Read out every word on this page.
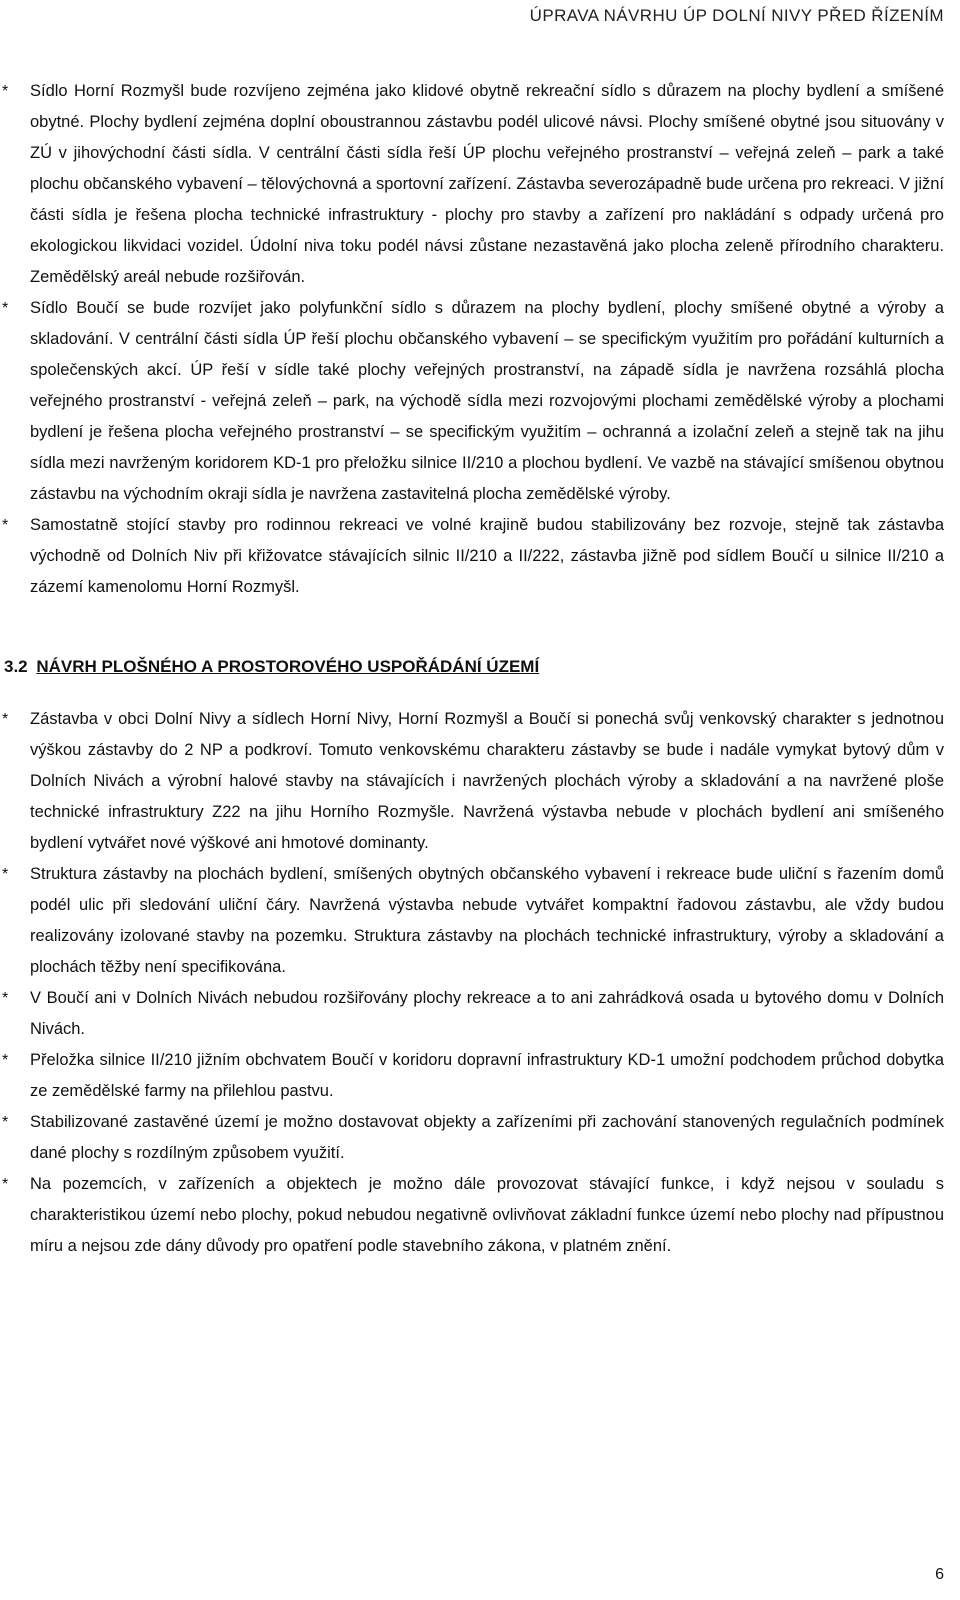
ÚPRAVA NÁVRHU ÚP DOLNÍ NIVY PŘED ŘÍZENÍM
* Sídlo Horní Rozmyšl bude rozvíjeno zejména jako klidové obytně rekreační sídlo s důrazem na plochy bydlení a smíšené obytné. Plochy bydlení zejména doplní oboustrannou zástavbu podél ulicové návsi. Plochy smíšené obytné jsou situovány v ZÚ v jihovýchodní části sídla. V centrální části sídla řeší ÚP plochu veřejného prostranství – veřejná zeleň – park a také plochu občanského vybavení – tělovýchovná a sportovní zařízení. Zástavba severozápadně bude určena pro rekreaci. V jižní části sídla je řešena plocha technické infrastruktury - plochy pro stavby a zařízení pro nakládání s odpady určená pro ekologickou likvidaci vozidel. Údolní niva toku podél návsi zůstane nezastavěná jako plocha zeleně přírodního charakteru. Zemědělský areál nebude rozšiřován.
* Sídlo Boučí se bude rozvíjet jako polyfunkční sídlo s důrazem na plochy bydlení, plochy smíšené obytné a výroby a skladování. V centrální části sídla ÚP řeší plochu občanského vybavení – se specifickým využitím pro pořádání kulturních a společenských akcí. ÚP řeší v sídle také plochy veřejných prostranství, na západě sídla je navržena rozsáhlá plocha veřejného prostranství - veřejná zeleň – park, na východě sídla mezi rozvojovými plochami zemědělské výroby a plochami bydlení je řešena plocha veřejného prostranství – se specifickým využitím – ochranná a izolační zeleň a stejně tak na jihu sídla mezi navrženým koridorem KD-1 pro přeložku silnice II/210 a plochou bydlení. Ve vazbě na stávající smíšenou obytnou zástavbu na východním okraji sídla je navržena zastavitelná plocha zemědělské výroby.
* Samostatně stojící stavby pro rodinnou rekreaci ve volné krajině budou stabilizovány bez rozvoje, stejně tak zástavba východně od Dolních Niv při křižovatce stávajících silnic II/210 a II/222, zástavba jižně pod sídlem Boučí u silnice II/210 a zázemí kamenolomu Horní Rozmyšl.
3.2 NÁVRH PLOŠNÉHO A PROSTOROVÉHO USPOŘÁDÁNÍ ÚZEMÍ
* Zástavba v obci Dolní Nivy a sídlech Horní Nivy, Horní Rozmyšl a Boučí si ponechá svůj venkovský charakter s jednotnou výškou zástavby do 2 NP a podkroví. Tomuto venkovskému charakteru zástavby se bude i nadále vymykat bytový dům v Dolních Nivách a výrobní halové stavby na stávajících i navržených plochách výroby a skladování a na navržené ploše technické infrastruktury Z22 na jihu Horního Rozmyšle. Navržená výstavba nebude v plochách bydlení ani smíšeného bydlení vytvářet nové výškové ani hmotové dominanty.
* Struktura zástavby na plochách bydlení, smíšených obytných občanského vybavení i rekreace bude uliční s řazením domů podél ulic při sledování uliční čáry. Navržená výstavba nebude vytvářet kompaktní řadovou zástavbu, ale vždy budou realizovány izolované stavby na pozemku. Struktura zástavby na plochách technické infrastruktury, výroby a skladování a plochách těžby není specifikována.
* V Boučí ani v Dolních Nivách nebudou rozšiřovány plochy rekreace a to ani zahrádková osada u bytového domu v Dolních Nivách.
* Přeložka silnice II/210 jižním obchvatem Boučí v koridoru dopravní infrastruktury KD-1 umožní podchodem průchod dobytka ze zemědělské farmy na přilehlou pastvu.
* Stabilizované zastavěné území je možno dostavovat objekty a zařízeními při zachování stanovených regulačních podmínek dané plochy s rozdílným způsobem využití.
* Na pozemcích, v zařízeních a objektech je možno dále provozovat stávající funkce, i když nejsou v souladu s charakteristikou území nebo plochy, pokud nebudou negativně ovlivňovat základní funkce území nebo plochy nad přípustnou míru a nejsou zde dány důvody pro opatření podle stavebního zákona, v platném znění.
6
